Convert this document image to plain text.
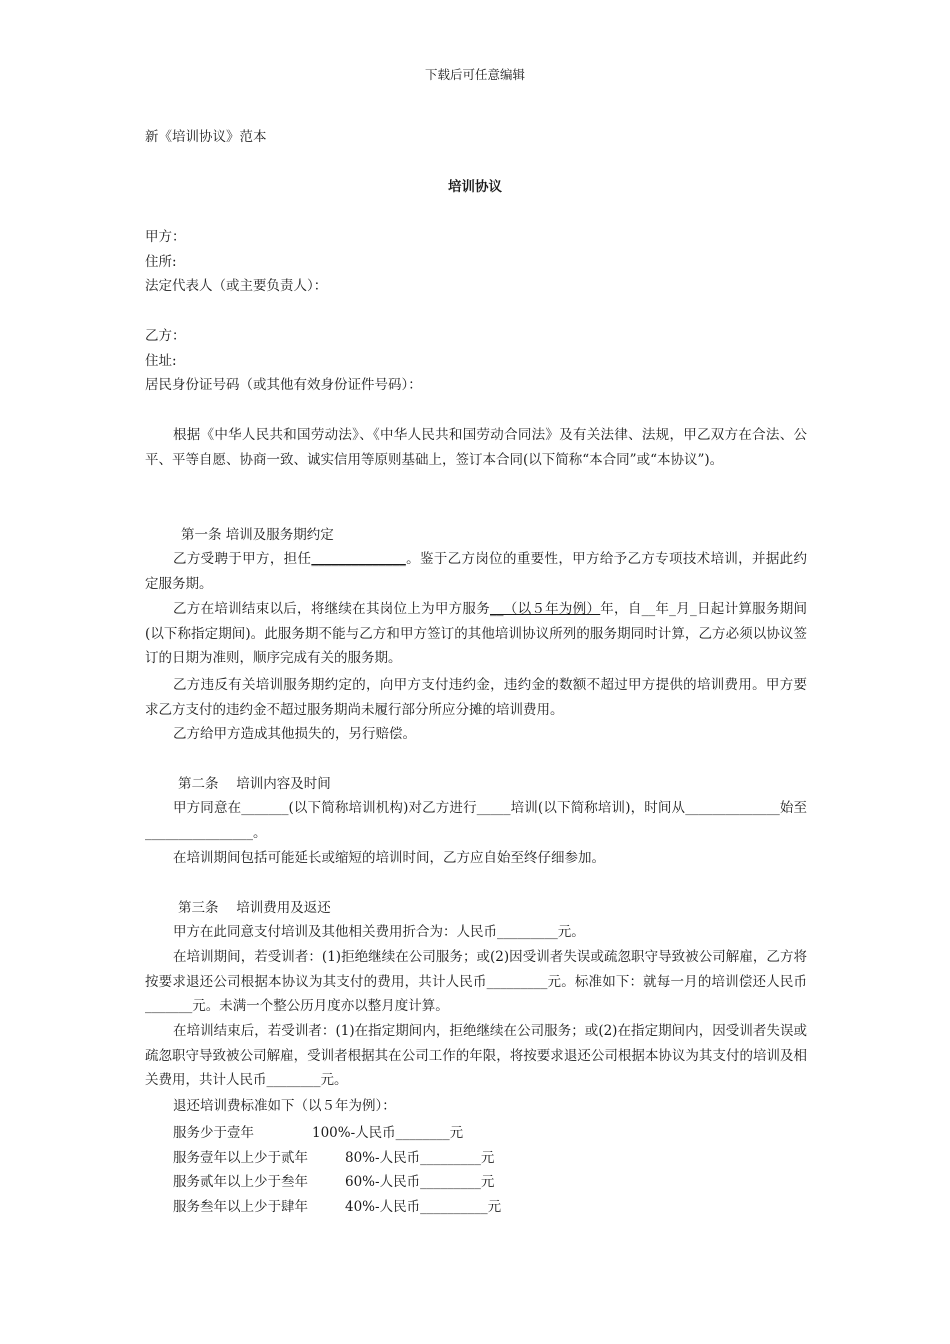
下载后可任意编辑
新《培训协议》范本
培训协议
甲方：
住所:
法定代表人（或主要负责人）：
乙方：
住址:
居民身份证号码（或其他有效身份证件号码）：
根据《中华人民共和国劳动法》、《中华人民共和国劳动合同法》及有关法律、法规，甲乙双方在合法、公平、平等自愿、协商一致、诚实信用等原则基础上，签订本合同(以下简称“本合同”或“本协议”)。
第一条 培训及服务期约定
乙方受聘于甲方，担任______________。鉴于乙方岗位的重要性，甲方给予乙方专项技术培训，并据此约定服务期。
乙方在培训结束以后，将继续在其岗位上为甲方服务__（以５年为例）年，自__年_月_日起计算服务期间(以下称指定期间)。此服务期不能与乙方和甲方签订的其他培训协议所列的服务期同时计算，乙方必须以协议签订的日期为准则，顺序完成有关的服务期。
乙方违反有关培训服务期约定的，向甲方支付违约金，违约金的数额不超过甲方提供的培训费用。甲方要求乙方支付的违约金不超过服务期尚未履行部分所应分摊的培训费用。
乙方给甲方造成其他损失的，另行赔偿。
第二条　 培训内容及时间
甲方同意在_______(以下简称培训机构)对乙方进行_____培训(以下简称培训)，时间从______________始至________________。
在培训期间包括可能延长或缩短的培训时间，乙方应自始至终仔细参加。
第三条　 培训费用及返还
甲方在此同意支付培训及其他相关费用折合为：人民币_________元。
在培训期间，若受训者：(1)拒绝继续在公司服务；或(2)因受训者失误或疏忽职守导致被公司解雇，乙方将按要求退还公司根据本协议为其支付的费用，共计人民币_________元。标准如下：就每一月的培训偿还人民币_______元。未满一个整公历月度亦以整月度计算。
在培训结束后，若受训者：(1)在指定期间内，拒绝继续在公司服务；或(2)在指定期间内，因受训者失误或疏忽职守导致被公司解雇，受训者根据其在公司工作的年限，将按要求退还公司根据本协议为其支付的培训及相关费用，共计人民币________元。
退还培训费标准如下（以５年为例）：
服务少于壹年	100%-人民币________元
服务壹年以上少于贰年	80%-人民币_________元
服务贰年以上少于叁年	60%-人民币_________元
服务叁年以上少于肆年	40%-人民币__________元
